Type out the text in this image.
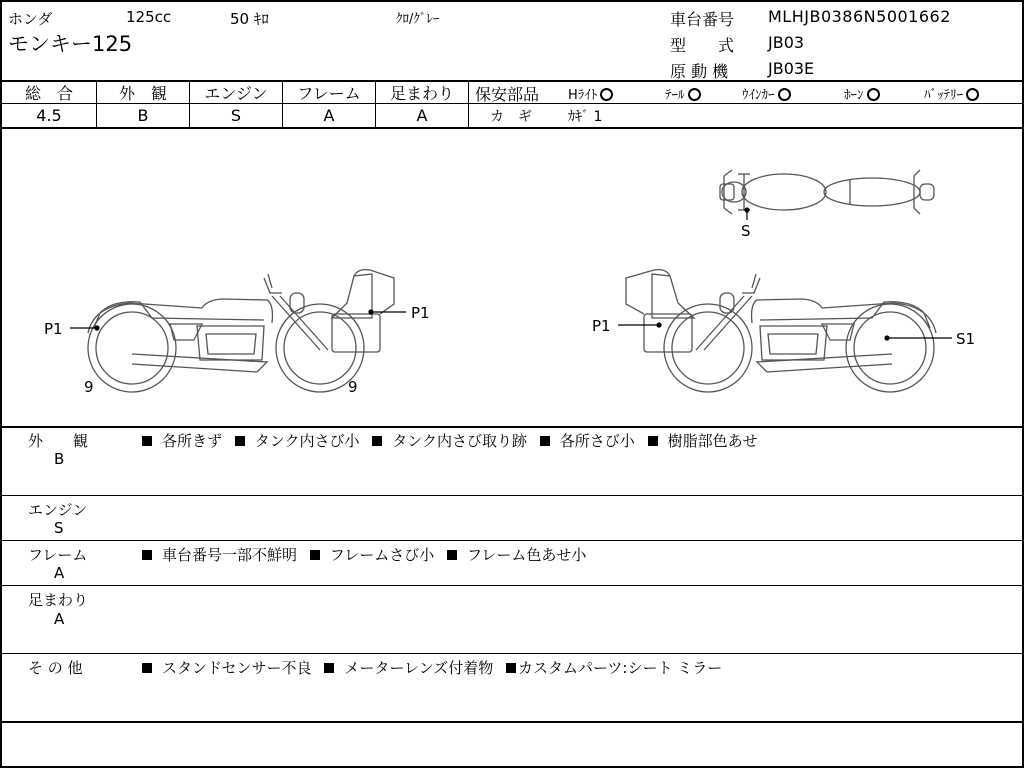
ホンダ	125cc	50 ｷﾛ	ｸﾛ/ｸﾞﾚｰ
モンキー125
車台番号 MLHJB0386N5001662
型　　式 JB03
原 動 機 JB03E
総　合	外　観	エンジン	フレーム	足まわり
4.5	B	S	A	A
保安部品 Hﾗｲﾄ	ﾃｰﾙ	ｳｲﾝｶｰ	ﾎｰﾝ	ﾊﾞｯﾃﾘｰ
カ　ギ	ｶｷﾞ 1
P1
P1
9	9
P1
S1
S
外　　観
B
各所きず タンク内さび小 タンク内さび取り跡 各所さび小 樹脂部色あせ
エンジン
S
フレーム
A
車台番号一部不鮮明 フレームさび小 フレーム色あせ小
足まわり
A
そ の 他	スタンドセンサー不良 メーターレンズ付着物 カスタムパーツ:シート ミラー
